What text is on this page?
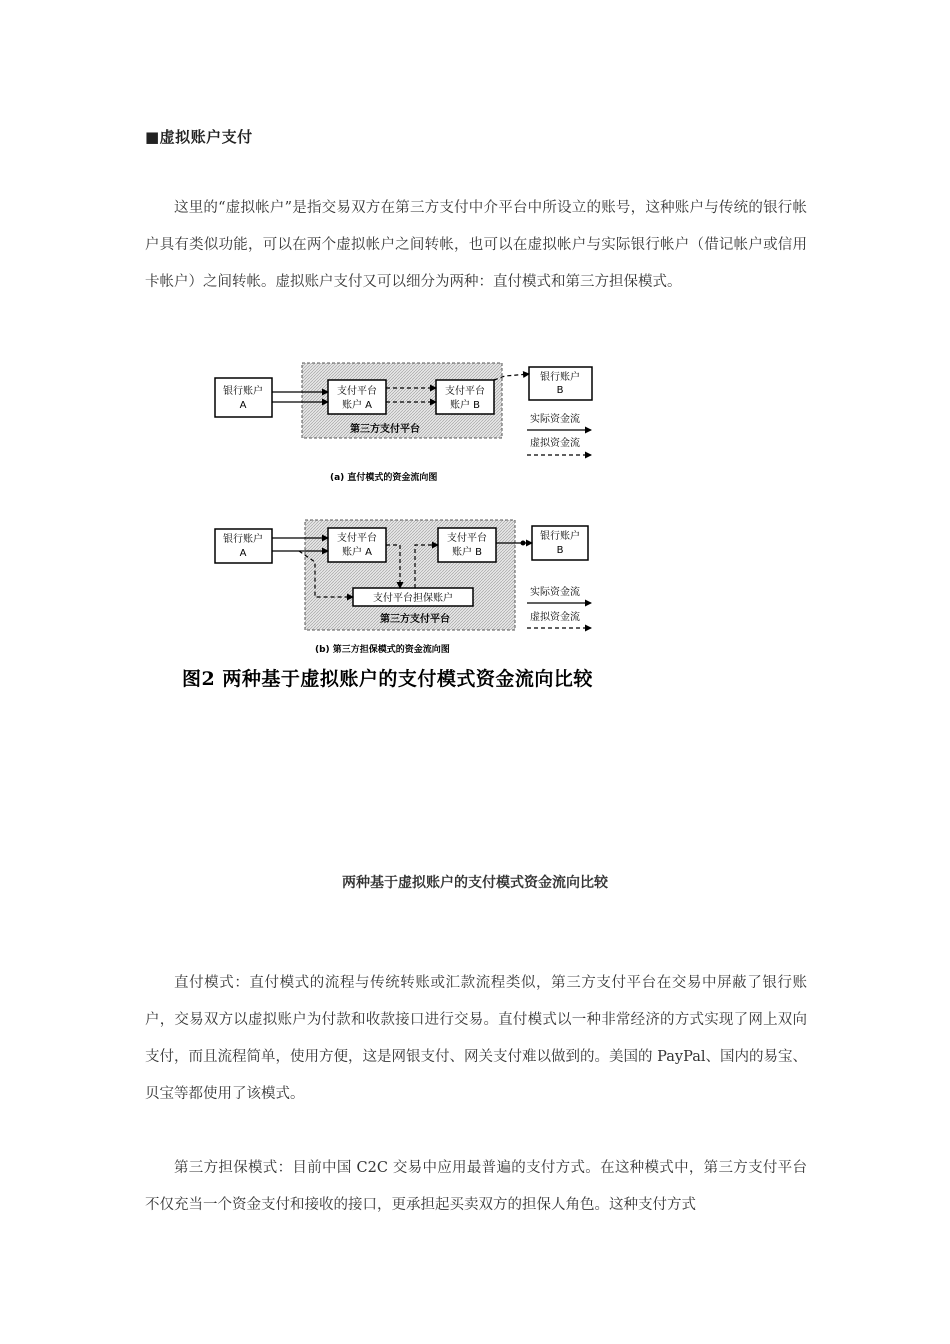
■虚拟账户支付

这里的“虚拟帐户”是指交易双方在第三方支付中介平台中所设立的账号，这种账户与传统的银行帐户具有类似功能，可以在两个虚拟帐户之间转帐，也可以在虚拟帐户与实际银行帐户（借记帐户或信用卡帐户）之间转帐。虚拟账户支付又可以细分为两种：直付模式和第三方担保模式。

第三方支付平台
银行账户
A
支付平台
账户 A
支付平台
账户 B
银行账户
B
实际资金流
虚拟资金流
(a) 直付模式的资金流向图
第三方支付平台
银行账户
A
支付平台
账户 A
支付平台
账户 B
银行账户
B
支付平台担保账户
实际资金流
虚拟资金流
(b) 第三方担保模式的资金流向图
图2 两种基于虚拟账户的支付模式资金流向比较
两种基于虚拟账户的支付模式资金流向比较

直付模式：直付模式的流程与传统转账或汇款流程类似，第三方支付平台在交易中屏蔽了银行账户，交易双方以虚拟账户为付款和收款接口进行交易。直付模式以一种非常经济的方式实现了网上双向支付，而且流程简单，使用方便，这是网银支付、网关支付难以做到的。美国的 PayPal、国内的易宝、贝宝等都使用了该模式。

第三方担保模式：目前中国 C2C 交易中应用最普遍的支付方式。在这种模式中，第三方支付平台不仅充当一个资金支付和接收的接口，更承担起买卖双方的担保人角色。这种支付方式
